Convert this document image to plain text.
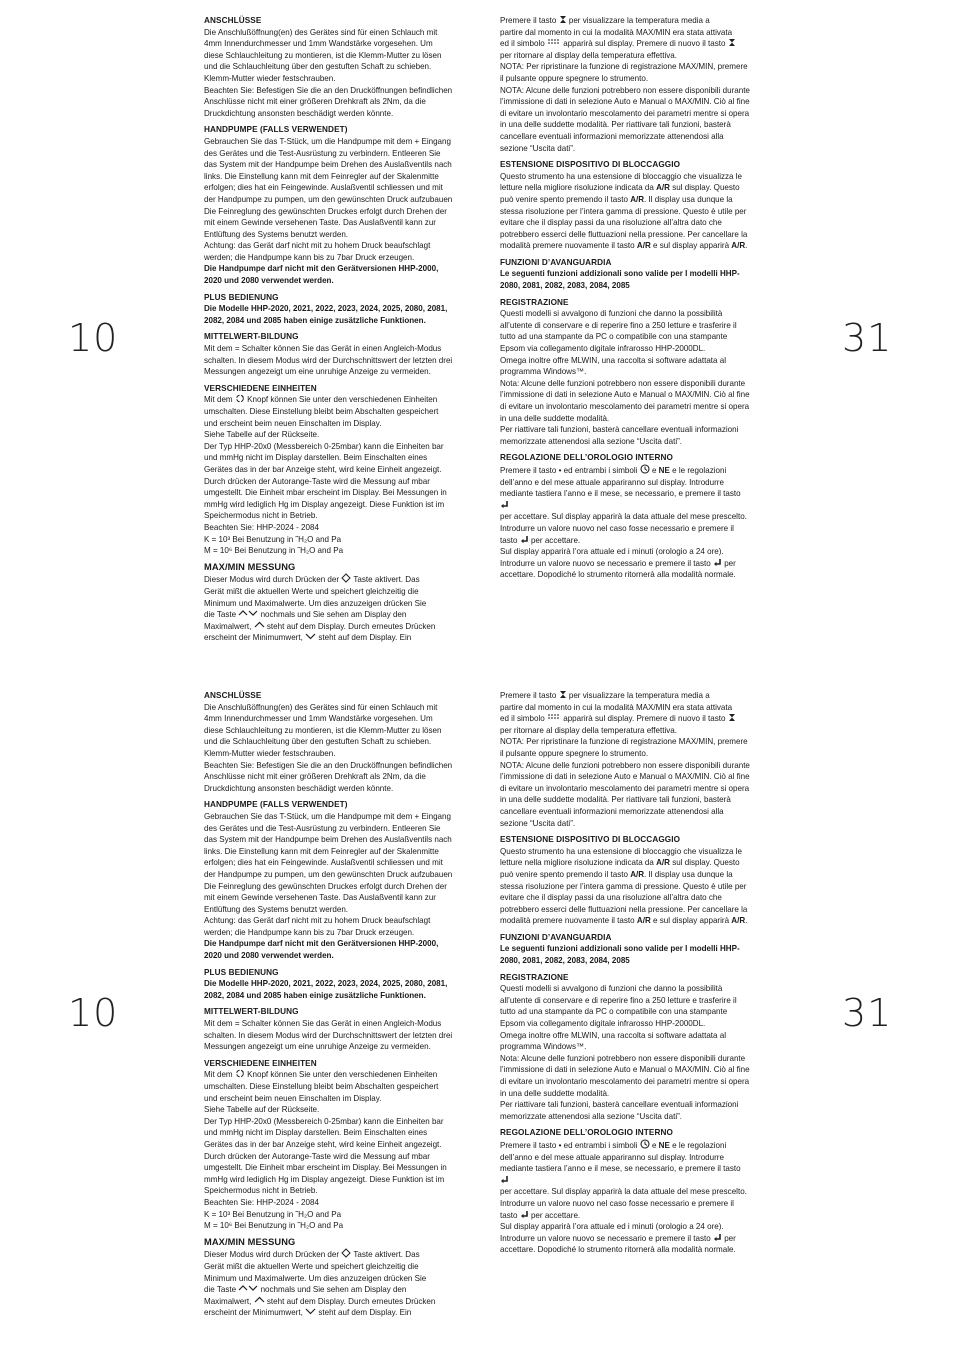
10	31
ANSCHLÜSSE

Die Anschlußöffnung(en) des Gerätes sind für einen Schlauch mit 4mm Innendurchmesser und 1mm Wandstärke vorgesehen. Um diese Schlauchleitung zu montieren, ist die Klemm-Mutter zu lösen und die Schlauchleitung über den gestuften Schaft zu schieben. Klemm-Mutter wieder festschrauben.

Beachten Sie: Befestigen Sie die an den Drucköffnungen befindlichen Anschlüsse nicht mit einer größeren Drehkraft als 2Nm, da die Druckdichtung ansonsten beschädigt werden könnte.

HANDPUMPE (FALLS VERWENDET)

Gebrauchen Sie das T-Stück, um die Handpumpe mit dem + Eingang des Gerätes und die Test-Ausrüstung zu verbindern. Entleeren Sie das System mit der Handpumpe beim Drehen des Auslaßventils nach links. Die Einstellung kann mit dem Feinregler auf der Skalenmitte erfolgen; dies hat ein Feingewinde. Auslaßventil schliessen und mit der Handpumpe zu pumpen, um den gewünschten Druck aufzubauen Die Feinreglung des gewünschten Druckes erfolgt durch Drehen der mit einem Gewinde versehenen Taste. Das Auslaßventil kann zur

Entlüftung des Systems benutzt werden.

Achtung: das Gerät darf nicht mit zu hohem Druck beaufschlagt werden; die Handpumpe kann bis zu 7bar Druck erzeugen.

Die Handpumpe darf nicht mit den Gerätversionen HHP-2000, 2020 und 2080 verwendet werden.

PLUS BEDIENUNG

Die Modelle HHP-2020, 2021, 2022, 2023, 2024, 2025, 2080, 2081, 2082, 2084 und 2085 haben einige zusätzliche Funktionen.

MITTELWERT-BILDUNG

Mit dem = Schalter können Sie das Gerät in einen Angleich-Modus schalten. In diesem Modus wird der Durchschnittswert der letzten drei Messungen angezeigt um eine unruhige Anzeige zu vermeiden.

VERSCHIEDENE EINHEITEN

Mit dem Knopf können Sie unter den verschiedenen Einheiten umschalten. Diese Einstellung bleibt beim Abschalten gespeichert und erscheint beim neuen Einschalten im Display.

Siehe Tabelle auf der Rückseite.

Der Typ HHP-20x0 (Messbereich 0-25mbar) kann die Einheiten bar und mmHg nicht im Display darstellen. Beim Einschalten eines Gerätes das in der bar Anzeige steht, wird keine Einheit angezeigt. Durch drücken der Autorange-Taste wird die Messung auf mbar umgestellt. Die Einheit mbar erscheint im Display. Bei Messungen in mmHg wird lediglich Hg im Display angezeigt. Diese Funktion ist im Speichermodus nicht in Betrieb.

Beachten Sie: HHP-2024 - 2084

K = 10³ Bei Benutzung in ˜H₂O and Pa

M = 10⁶ Bei Benutzung in ˜H₂O and Pa

MAX/MIN MESSUNG

Dieser Modus wird durch Drücken der Taste aktivert. Das

Gerät mißt die aktuellen Werte und speichert gleichzeitig die

Minimum und Maximalwerte. Um dies anzuzeigen drücken Sie

die Taste	nochmals und Sie sehen am Display den

Maximalwert, steht auf dem Display. Durch erneutes Drücken

erscheint der Minimumwert, steht auf dem Display. Ein

Premere il tasto per visualizzare la temperatura media a

partire dal momento in cui la modalità MAX/MIN era stata attivata

ed il simbolo apparirà sul display. Premere di nuovo il tasto

per ritornare al display della temperatura effettiva.

NOTA: Per ripristinare la funzione di registrazione MAX/MIN, premere il pulsante oppure spegnere lo strumento.

NOTA: Alcune delle funzioni potrebbero non essere disponibili durante l’immissione di dati in selezione Auto e Manual o MAX/MIN. Ciò al fine di evitare un involontario mescolamento dei parametri mentre si opera in una delle suddette modalità. Per riattivare tali funzioni, basterà cancellare eventuali informazioni memorizzate attenendosi alla sezione “Uscita dati”.

ESTENSIONE DISPOSITIVO DI BLOCCAGGIO

Questo strumento ha una estensione di bloccaggio che visualizza le letture nella migliore risoluzione indicata da A/R sul display. Questo può venire spento premendo il tasto A/R. Il display usa dunque la stessa risoluzione per l’intera gamma di pressione. Questo è utile per evitare che il display passi da una risoluzione all’altra dato che potrebbero esserci delle fluttuazioni nella pressione. Per cancellare la modalità premere nuovamente il tasto A/R e sul display apparirà A/R.

FUNZIONI D’AVANGUARDIA

Le seguenti funzioni addizionali sono valide per I modelli HHP-2080, 2081, 2082, 2083, 2084, 2085

REGISTRAZIONE

Questi modelli si avvalgono di funzioni che danno la possibilità all’utente di conservare e di reperire fino a 250 letture e trasferire il tutto ad una stampante da PC o compatibile con una stampante Epsom via collegamento digitale infrarosso HHP-2000DL.

Omega inoltre offre MLWIN, una raccolta si software adattata al programma Windows™.

Nota: Alcune delle funzioni potrebbero non essere disponibili durante l’immissione di dati in selezione Auto e Manual o MAX/MIN. Ciò al fine di evitare un involontario mescolamento dei parametri mentre si opera in una delle suddette modalità.

Per riattivare tali funzioni, basterà cancellare eventuali informazioni memorizzate attenendosi alla sezione “Uscita dati”.

REGOLAZIONE DELL’OROLOGIO INTERNO

Premere il tasto • ed entrambi i simboli e NE e le regolazioni dell’anno e del mese attuale appariranno sul display. Introdurre mediante tastiera l’anno e il mese, se necessario, e premere il tasto

per accettare. Sul display apparirà la data attuale del mese prescelto. Introdurre un valore nuovo nel caso fosse necessario e premere il tasto per accettare.

Sul display apparirà l’ora attuale ed i minuti (orologio a 24 ore). Introdurre un valore nuovo se necessario e premere il tasto per accettare. Dopodiché lo strumento ritornerà alla modalità normale.

10	31
ANSCHLÜSSE

Die Anschlußöffnung(en) des Gerätes sind für einen Schlauch mit 4mm Innendurchmesser und 1mm Wandstärke vorgesehen. Um diese Schlauchleitung zu montieren, ist die Klemm-Mutter zu lösen und die Schlauchleitung über den gestuften Schaft zu schieben. Klemm-Mutter wieder festschrauben.

Beachten Sie: Befestigen Sie die an den Drucköffnungen befindlichen Anschlüsse nicht mit einer größeren Drehkraft als 2Nm, da die Druckdichtung ansonsten beschädigt werden könnte.

HANDPUMPE (FALLS VERWENDET)

Gebrauchen Sie das T-Stück, um die Handpumpe mit dem + Eingang des Gerätes und die Test-Ausrüstung zu verbindern. Entleeren Sie das System mit der Handpumpe beim Drehen des Auslaßventils nach links. Die Einstellung kann mit dem Feinregler auf der Skalenmitte erfolgen; dies hat ein Feingewinde. Auslaßventil schliessen und mit der Handpumpe zu pumpen, um den gewünschten Druck aufzubauen Die Feinreglung des gewünschten Druckes erfolgt durch Drehen der mit einem Gewinde versehenen Taste. Das Auslaßventil kann zur

Entlüftung des Systems benutzt werden.

Achtung: das Gerät darf nicht mit zu hohem Druck beaufschlagt werden; die Handpumpe kann bis zu 7bar Druck erzeugen.

Die Handpumpe darf nicht mit den Gerätversionen HHP-2000, 2020 und 2080 verwendet werden.

PLUS BEDIENUNG

Die Modelle HHP-2020, 2021, 2022, 2023, 2024, 2025, 2080, 2081, 2082, 2084 und 2085 haben einige zusätzliche Funktionen.

MITTELWERT-BILDUNG

Mit dem = Schalter können Sie das Gerät in einen Angleich-Modus schalten. In diesem Modus wird der Durchschnittswert der letzten drei Messungen angezeigt um eine unruhige Anzeige zu vermeiden.

VERSCHIEDENE EINHEITEN

Mit dem Knopf können Sie unter den verschiedenen Einheiten umschalten. Diese Einstellung bleibt beim Abschalten gespeichert und erscheint beim neuen Einschalten im Display.

Siehe Tabelle auf der Rückseite.

Der Typ HHP-20x0 (Messbereich 0-25mbar) kann die Einheiten bar und mmHg nicht im Display darstellen. Beim Einschalten eines Gerätes das in der bar Anzeige steht, wird keine Einheit angezeigt. Durch drücken der Autorange-Taste wird die Messung auf mbar umgestellt. Die Einheit mbar erscheint im Display. Bei Messungen in mmHg wird lediglich Hg im Display angezeigt. Diese Funktion ist im Speichermodus nicht in Betrieb.

Beachten Sie: HHP-2024 - 2084

K = 10³ Bei Benutzung in ˜H₂O and Pa

M = 10⁶ Bei Benutzung in ˜H₂O and Pa

MAX/MIN MESSUNG

Dieser Modus wird durch Drücken der Taste aktivert. Das

Gerät mißt die aktuellen Werte und speichert gleichzeitig die

Minimum und Maximalwerte. Um dies anzuzeigen drücken Sie

die Taste	nochmals und Sie sehen am Display den

Maximalwert, steht auf dem Display. Durch erneutes Drücken

erscheint der Minimumwert, steht auf dem Display. Ein

Premere il tasto per visualizzare la temperatura media a

partire dal momento in cui la modalità MAX/MIN era stata attivata

ed il simbolo apparirà sul display. Premere di nuovo il tasto

per ritornare al display della temperatura effettiva.

NOTA: Per ripristinare la funzione di registrazione MAX/MIN, premere il pulsante oppure spegnere lo strumento.

NOTA: Alcune delle funzioni potrebbero non essere disponibili durante l’immissione di dati in selezione Auto e Manual o MAX/MIN. Ciò al fine di evitare un involontario mescolamento dei parametri mentre si opera in una delle suddette modalità. Per riattivare tali funzioni, basterà cancellare eventuali informazioni memorizzate attenendosi alla sezione “Uscita dati”.

ESTENSIONE DISPOSITIVO DI BLOCCAGGIO

Questo strumento ha una estensione di bloccaggio che visualizza le letture nella migliore risoluzione indicata da A/R sul display. Questo può venire spento premendo il tasto A/R. Il display usa dunque la stessa risoluzione per l’intera gamma di pressione. Questo è utile per evitare che il display passi da una risoluzione all’altra dato che potrebbero esserci delle fluttuazioni nella pressione. Per cancellare la modalità premere nuovamente il tasto A/R e sul display apparirà A/R.

FUNZIONI D’AVANGUARDIA

Le seguenti funzioni addizionali sono valide per I modelli HHP-2080, 2081, 2082, 2083, 2084, 2085

REGISTRAZIONE

Questi modelli si avvalgono di funzioni che danno la possibilità all’utente di conservare e di reperire fino a 250 letture e trasferire il tutto ad una stampante da PC o compatibile con una stampante Epsom via collegamento digitale infrarosso HHP-2000DL.

Omega inoltre offre MLWIN, una raccolta si software adattata al programma Windows™.

Nota: Alcune delle funzioni potrebbero non essere disponibili durante l’immissione di dati in selezione Auto e Manual o MAX/MIN. Ciò al fine di evitare un involontario mescolamento dei parametri mentre si opera in una delle suddette modalità.

Per riattivare tali funzioni, basterà cancellare eventuali informazioni memorizzate attenendosi alla sezione “Uscita dati”.

REGOLAZIONE DELL’OROLOGIO INTERNO

Premere il tasto • ed entrambi i simboli e NE e le regolazioni dell’anno e del mese attuale appariranno sul display. Introdurre mediante tastiera l’anno e il mese, se necessario, e premere il tasto

per accettare. Sul display apparirà la data attuale del mese prescelto. Introdurre un valore nuovo nel caso fosse necessario e premere il tasto per accettare.

Sul display apparirà l’ora attuale ed i minuti (orologio a 24 ore). Introdurre un valore nuovo se necessario e premere il tasto per accettare. Dopodiché lo strumento ritornerà alla modalità normale.
